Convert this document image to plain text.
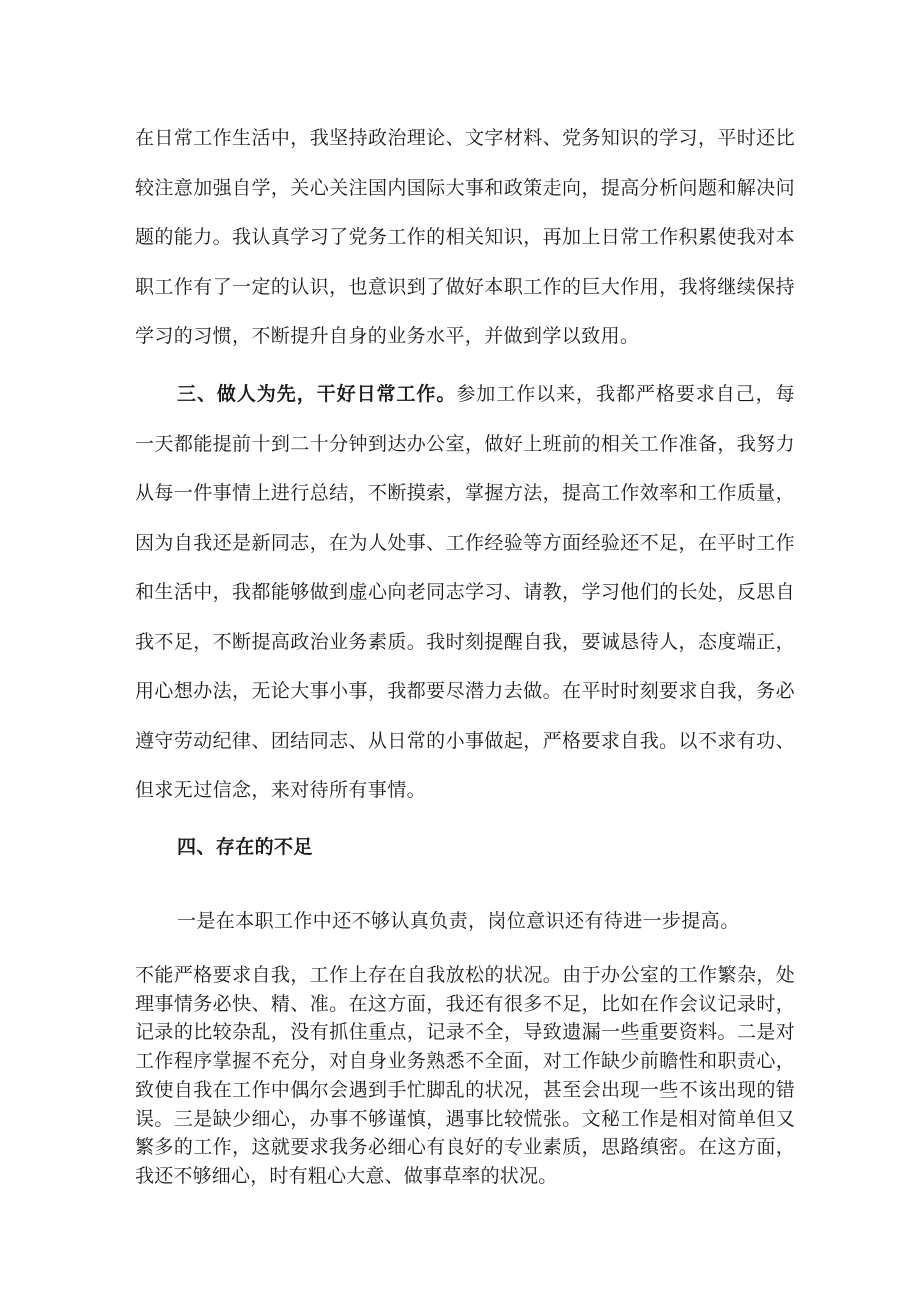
在日常工作生活中，我坚持政治理论、文字材料、党务知识的学习，平时还比较注意加强自学，关心关注国内国际大事和政策走向，提高分析问题和解决问题的能力。我认真学习了党务工作的相关知识，再加上日常工作积累使我对本职工作有了一定的认识，也意识到了做好本职工作的巨大作用，我将继续保持学习的习惯，不断提升自身的业务水平，并做到学以致用。

三、做人为先，干好日常工作。参加工作以来，我都严格要求自己，每一天都能提前十到二十分钟到达办公室，做好上班前的相关工作准备，我努力从每一件事情上进行总结，不断摸索，掌握方法，提高工作效率和工作质量，因为自我还是新同志，在为人处事、工作经验等方面经验还不足，在平时工作和生活中，我都能够做到虚心向老同志学习、请教，学习他们的长处，反思自我不足，不断提高政治业务素质。我时刻提醒自我，要诚恳待人，态度端正，用心想办法，无论大事小事，我都要尽潜力去做。在平时时刻要求自我，务必遵守劳动纪律、团结同志、从日常的小事做起，严格要求自我。以不求有功、但求无过信念，来对待所有事情。

四、存在的不足

一是在本职工作中还不够认真负责，岗位意识还有待进一步提高。

不能严格要求自我，工作上存在自我放松的状况。由于办公室的工作繁杂，处理事情务必快、精、准。在这方面，我还有很多不足，比如在作会议记录时，记录的比较杂乱，没有抓住重点，记录不全，导致遗漏一些重要资料。二是对工作程序掌握不充分，对自身业务熟悉不全面，对工作缺少前瞻性和职责心，致使自我在工作中偶尔会遇到手忙脚乱的状况，甚至会出现一些不该出现的错误。三是缺少细心，办事不够谨慎，遇事比较慌张。文秘工作是相对简单但又繁多的工作，这就要求我务必细心有良好的专业素质，思路缜密。在这方面，我还不够细心，时有粗心大意、做事草率的状况。
